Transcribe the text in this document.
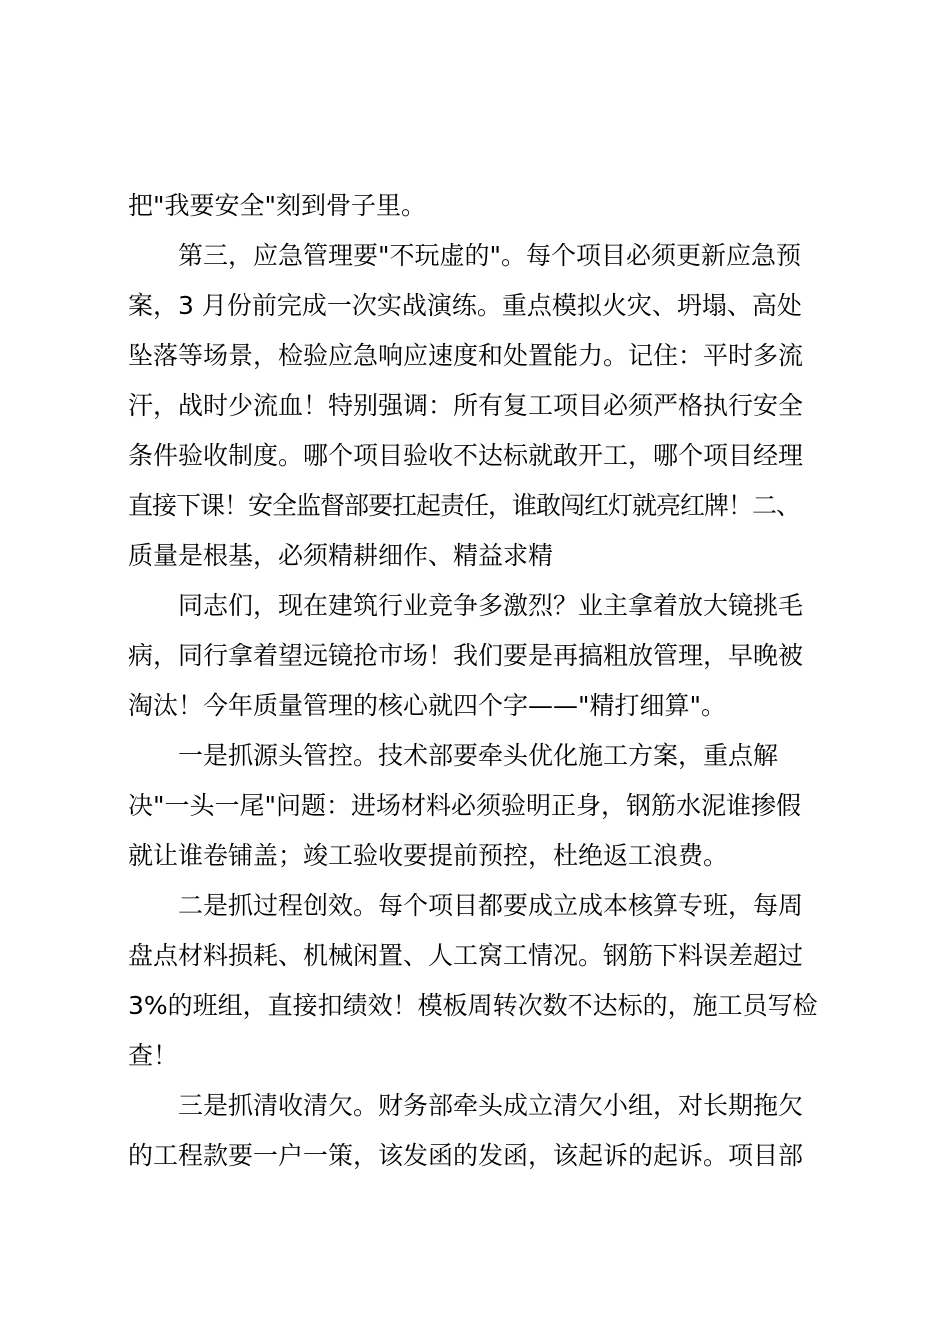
把"我要安全"刻到骨子里。

第三，应急管理要"不玩虚的"。每个项目必须更新应急预

案，3 月份前完成一次实战演练。重点模拟火灾、坍塌、高处

坠落等场景，检验应急响应速度和处置能力。记住：平时多流

汗，战时少流血！特别强调：所有复工项目必须严格执行安全

条件验收制度。哪个项目验收不达标就敢开工，哪个项目经理

直接下课！安全监督部要扛起责任，谁敢闯红灯就亮红牌！二、

质量是根基，必须精耕细作、精益求精

同志们，现在建筑行业竞争多激烈？业主拿着放大镜挑毛

病，同行拿着望远镜抢市场！我们要是再搞粗放管理，早晚被

淘汰！今年质量管理的核心就四个字——"精打细算"。

一是抓源头管控。技术部要牵头优化施工方案，重点解

决"一头一尾"问题：进场材料必须验明正身，钢筋水泥谁掺假

就让谁卷铺盖；竣工验收要提前预控，杜绝返工浪费。

二是抓过程创效。每个项目都要成立成本核算专班，每周

盘点材料损耗、机械闲置、人工窝工情况。钢筋下料误差超过

3%的班组，直接扣绩效！模板周转次数不达标的，施工员写检

查！

三是抓清收清欠。财务部牵头成立清欠小组，对长期拖欠

的工程款要一户一策，该发函的发函，该起诉的起诉。项目部
